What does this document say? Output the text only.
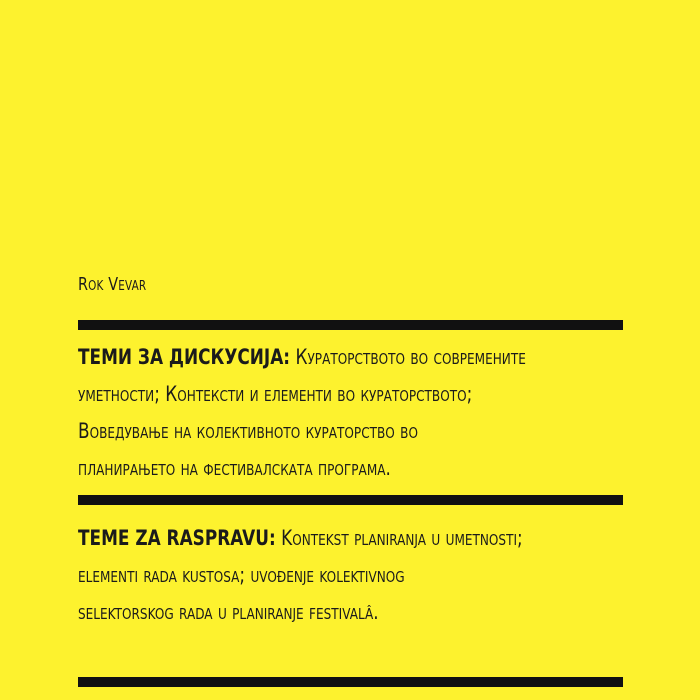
Rok Vevar
ТЕМИ ЗА ДИСКУСИЈА: Кураторството во современите
уметности; Контексти и елементи во кураторството;
Воведување на колективното кураторство во
планирањето на фестивалската програма.
TEME ZA RASPRAVU: Kontekst planiranja u umetnosti;
elementi rada kustosa; uvođenje kolektivnog
selektorskog rada u planiranje festivalâ.
